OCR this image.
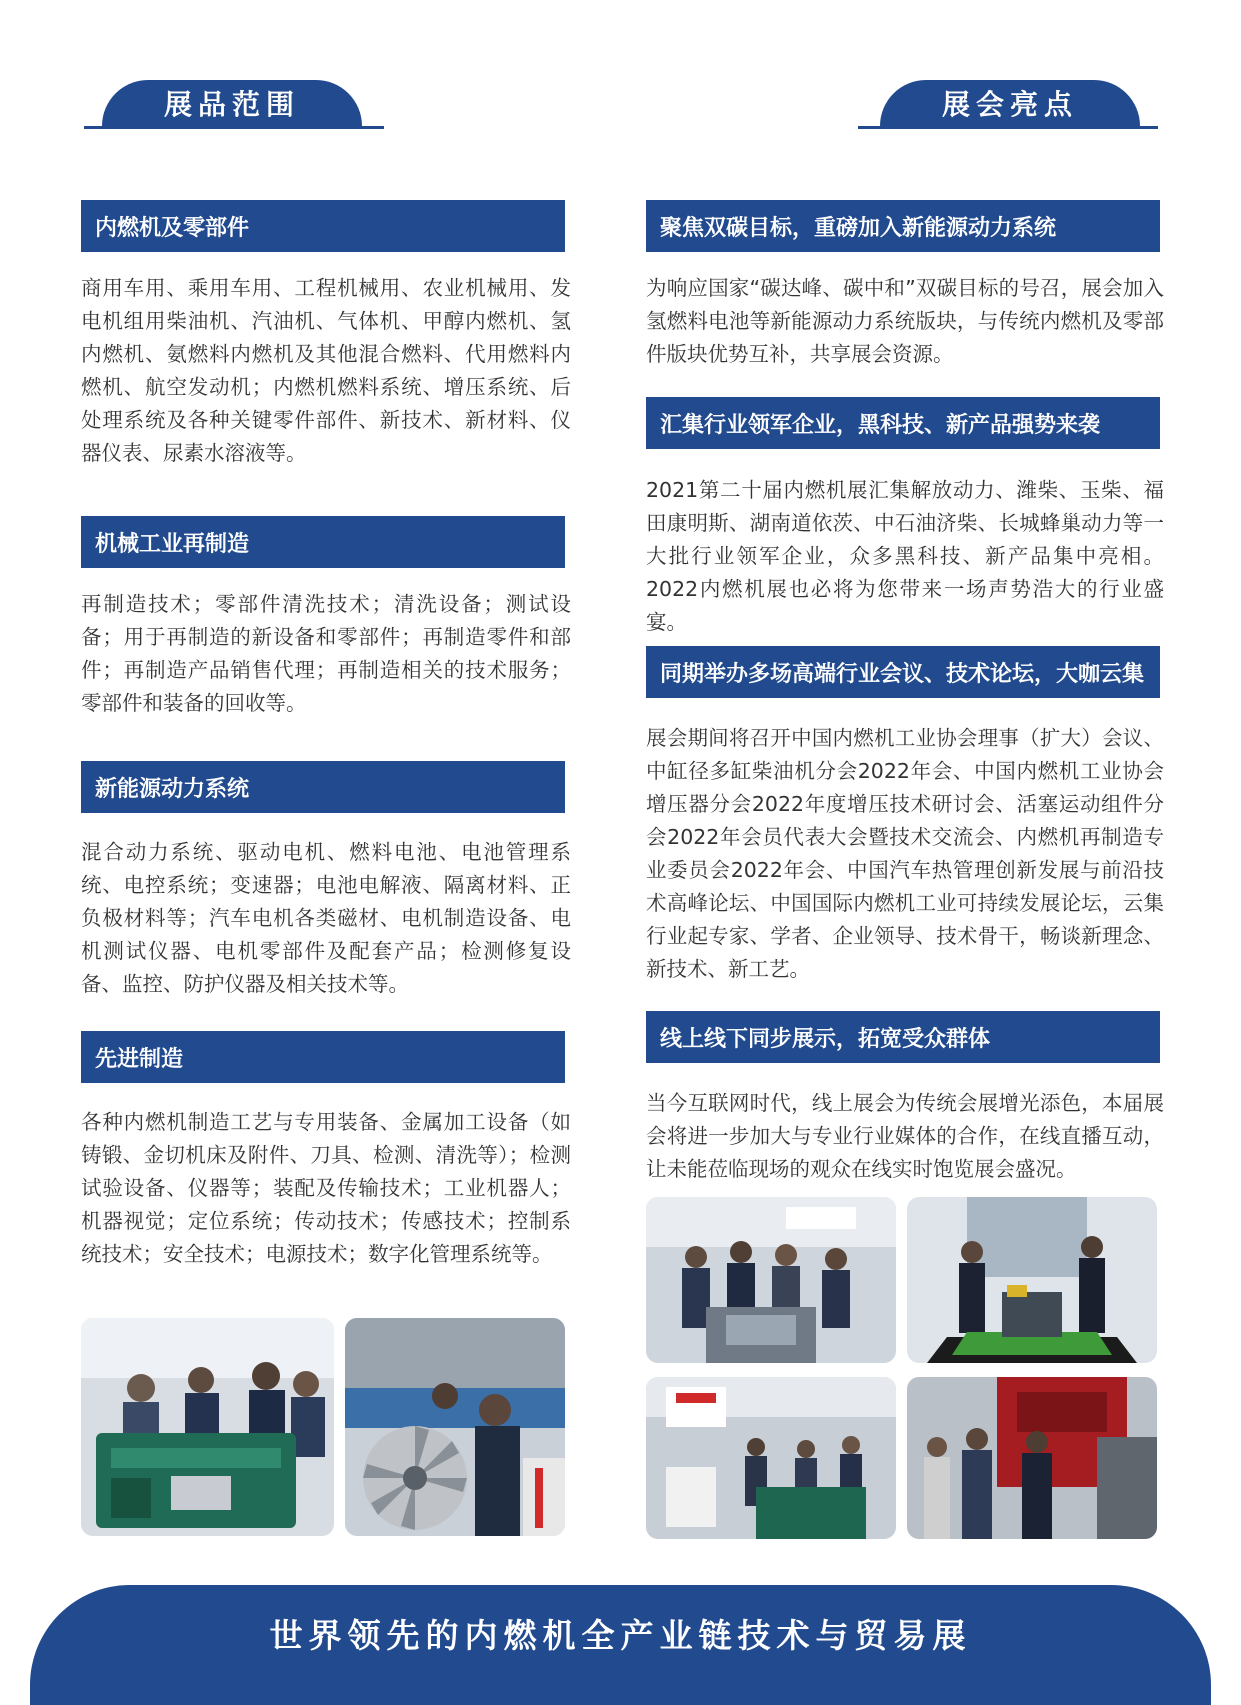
展品范围	展会亮点
内燃机及零部件

商用车用、乘用车用、工程机械用、农业机械用、发电机组用柴油机、汽油机、气体机、甲醇内燃机、氢内燃机、氨燃料内燃机及其他混合燃料、代用燃料内燃机、航空发动机；内燃机燃料系统、增压系统、后处理系统及各种关键零件部件、新技术、新材料、仪器仪表、尿素水溶液等。

机械工业再制造

再制造技术；零部件清洗技术；清洗设备；测试设备；用于再制造的新设备和零部件；再制造零件和部件；再制造产品销售代理；再制造相关的技术服务；零部件和装备的回收等。

新能源动力系统

混合动力系统、驱动电机、燃料电池、电池管理系统、电控系统；变速器；电池电解液、隔离材料、正负极材料等；汽车电机各类磁材、电机制造设备、电机测试仪器、电机零部件及配套产品；检测修复设备、监控、防护仪器及相关技术等。

先进制造

各种内燃机制造工艺与专用装备、金属加工设备（如铸锻、金切机床及附件、刀具、检测、清洗等）；检测试验设备、仪器等；装配及传输技术；工业机器人；机器视觉；定位系统；传动技术；传感技术；控制系统技术；安全技术；电源技术；数字化管理系统等。

聚焦双碳目标，重磅加入新能源动力系统

为响应国家“碳达峰、碳中和”双碳目标的号召，展会加入氢燃料电池等新能源动力系统版块，与传统内燃机及零部件版块优势互补，共享展会资源。

汇集行业领军企业，黑科技、新产品强势来袭

2021第二十届内燃机展汇集解放动力、潍柴、玉柴、福田康明斯、湖南道依茨、中石油济柴、长城蜂巢动力等一大批行业领军企业，众多黑科技、新产品集中亮相。2022内燃机展也必将为您带来一场声势浩大的行业盛宴。

同期举办多场高端行业会议、技术论坛，大咖云集

展会期间将召开中国内燃机工业协会理事（扩大）会议、中缸径多缸柴油机分会2022年会、中国内燃机工业协会增压器分会2022年度增压技术研讨会、活塞运动组件分会2022年会员代表大会暨技术交流会、内燃机再制造专业委员会2022年会、中国汽车热管理创新发展与前沿技术高峰论坛、中国国际内燃机工业可持续发展论坛，云集行业起专家、学者、企业领导、技术骨干，畅谈新理念、新技术、新工艺。

线上线下同步展示，拓宽受众群体

当今互联网时代，线上展会为传统会展增光添色，本届展会将进一步加大与专业行业媒体的合作，在线直播互动，让未能莅临现场的观众在线实时饱览展会盛况。

世界领先的内燃机全产业链技术与贸易展
